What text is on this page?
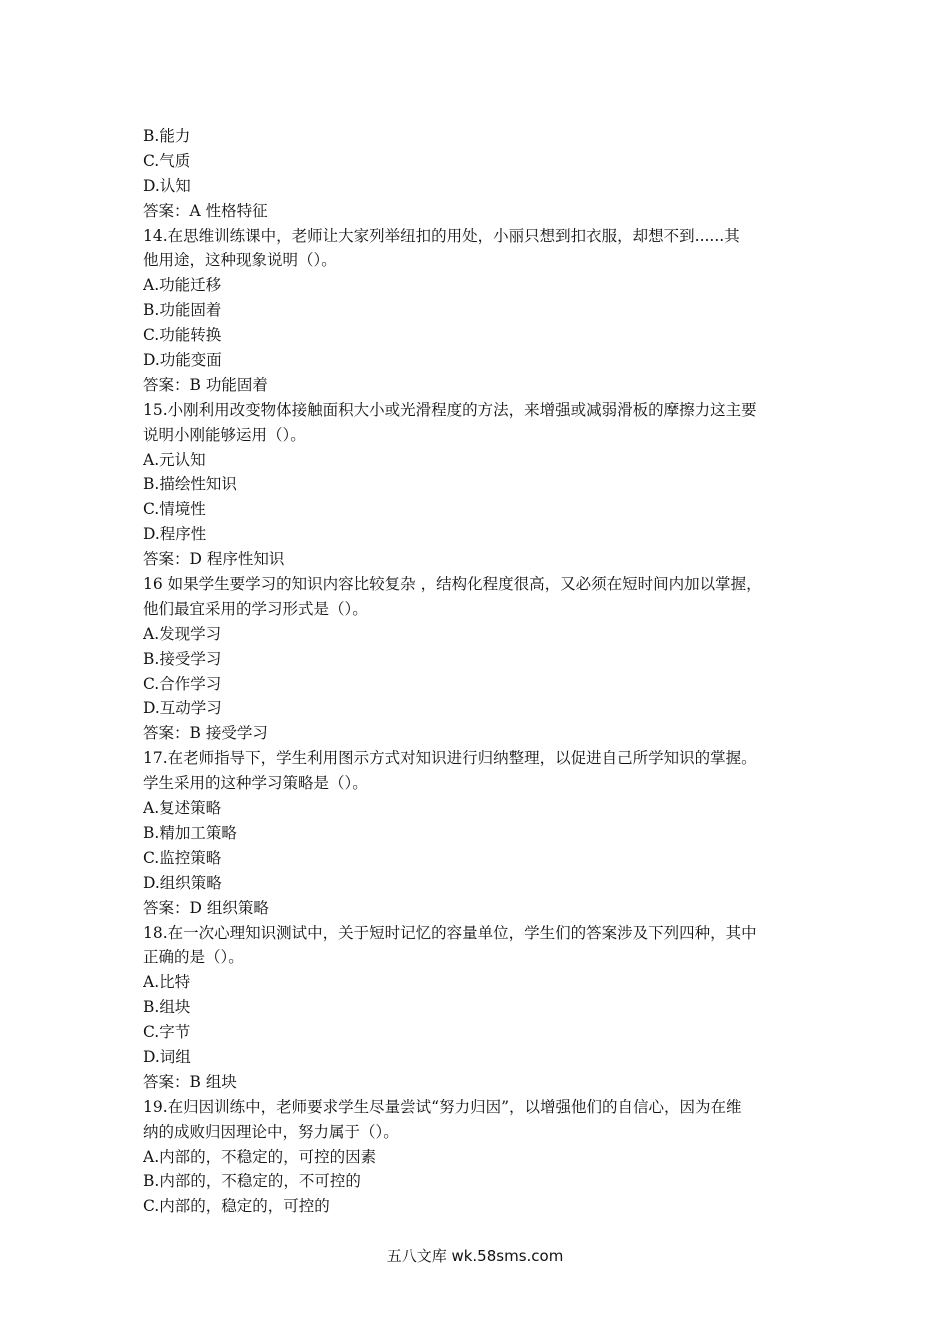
B.能力
C.气质
D.认知
答案：A 性格特征
14.在思维训练课中，老师让大家列举纽扣的用处，小丽只想到扣衣服，却想不到......其
他用途，这种现象说明（）。
A.功能迁移
B.功能固着
C.功能转换
D.功能变面
答案：B 功能固着
15.小刚利用改变物体接触面积大小或光滑程度的方法，来增强或减弱滑板的摩擦力这主要
说明小刚能够运用（）。
A.元认知
B.描绘性知识
C.情境性
D.程序性
答案：D 程序性知识
16 如果学生要学习的知识内容比较复杂 ，结构化程度很高，又必须在短时间内加以掌握，
他们最宜采用的学习形式是（）。
A.发现学习
B.接受学习
C.合作学习
D.互动学习
答案：B 接受学习
17.在老师指导下，学生利用图示方式对知识进行归纳整理，以促进自己所学知识的掌握。
学生采用的这种学习策略是（）。
A.复述策略
B.精加工策略
C.监控策略
D.组织策略
答案：D 组织策略
18.在一次心理知识测试中，关于短时记忆的容量单位，学生们的答案涉及下列四种，其中
正确的是（）。
A.比特
B.组块
C.字节
D.词组
答案：B 组块
19.在归因训练中，老师要求学生尽量尝试“努力归因”，以增强他们的自信心，因为在维
纳的成败归因理论中，努力属于（）。
A.内部的，不稳定的，可控的因素
B.内部的，不稳定的，不可控的
C.内部的，稳定的，可控的
五八文库 wk.58sms.com
